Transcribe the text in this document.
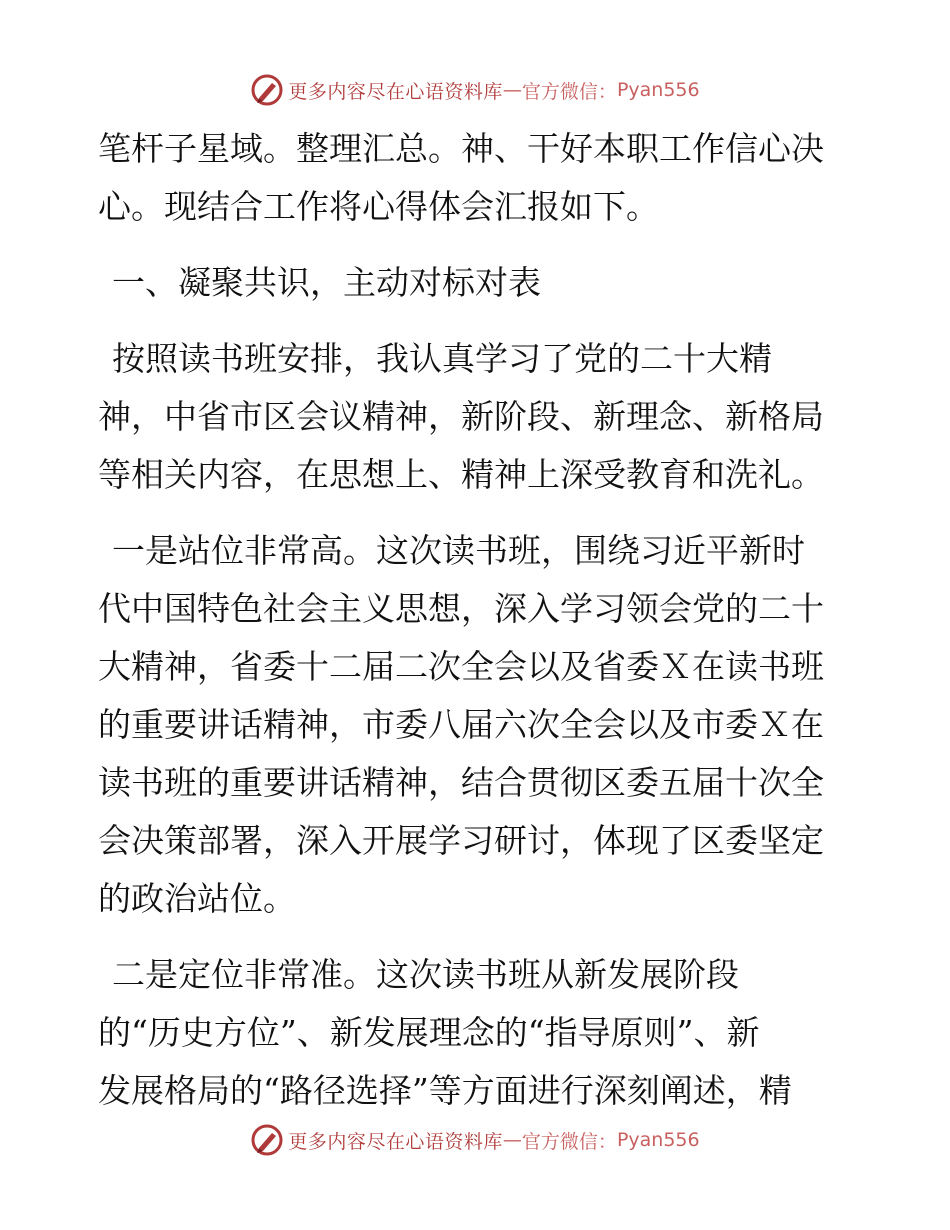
更多内容尽在心语资料库 — 官方微信： Pyan556
笔杆子星域。整理汇总。神、干好本职工作信心决
心。现结合工作将心得体会汇报如下。
一、凝聚共识，主动对标对表
按照读书班安排，我认真学习了党的二十大精
神，中省市区会议精神，新阶段、新理念、新格局
等相关内容，在思想上、精神上深受教育和洗礼。
一是站位非常高。这次读书班，围绕习近平新时
代中国特色社会主义思想，深入学习领会党的二十
大精神，省委十二届二次全会以及省委Ｘ在读书班
的重要讲话精神，市委八届六次全会以及市委Ｘ在
读书班的重要讲话精神，结合贯彻区委五届十次全
会决策部署，深入开展学习研讨，体现了区委坚定
的政治站位。
二是定位非常准。这次读书班从新发展阶段
的“历史方位”、新发展理念的“指导原则”、新
发展格局的“路径选择”等方面进行深刻阐述，精
更多内容尽在心语资料库 — 官方微信： Pyan556
